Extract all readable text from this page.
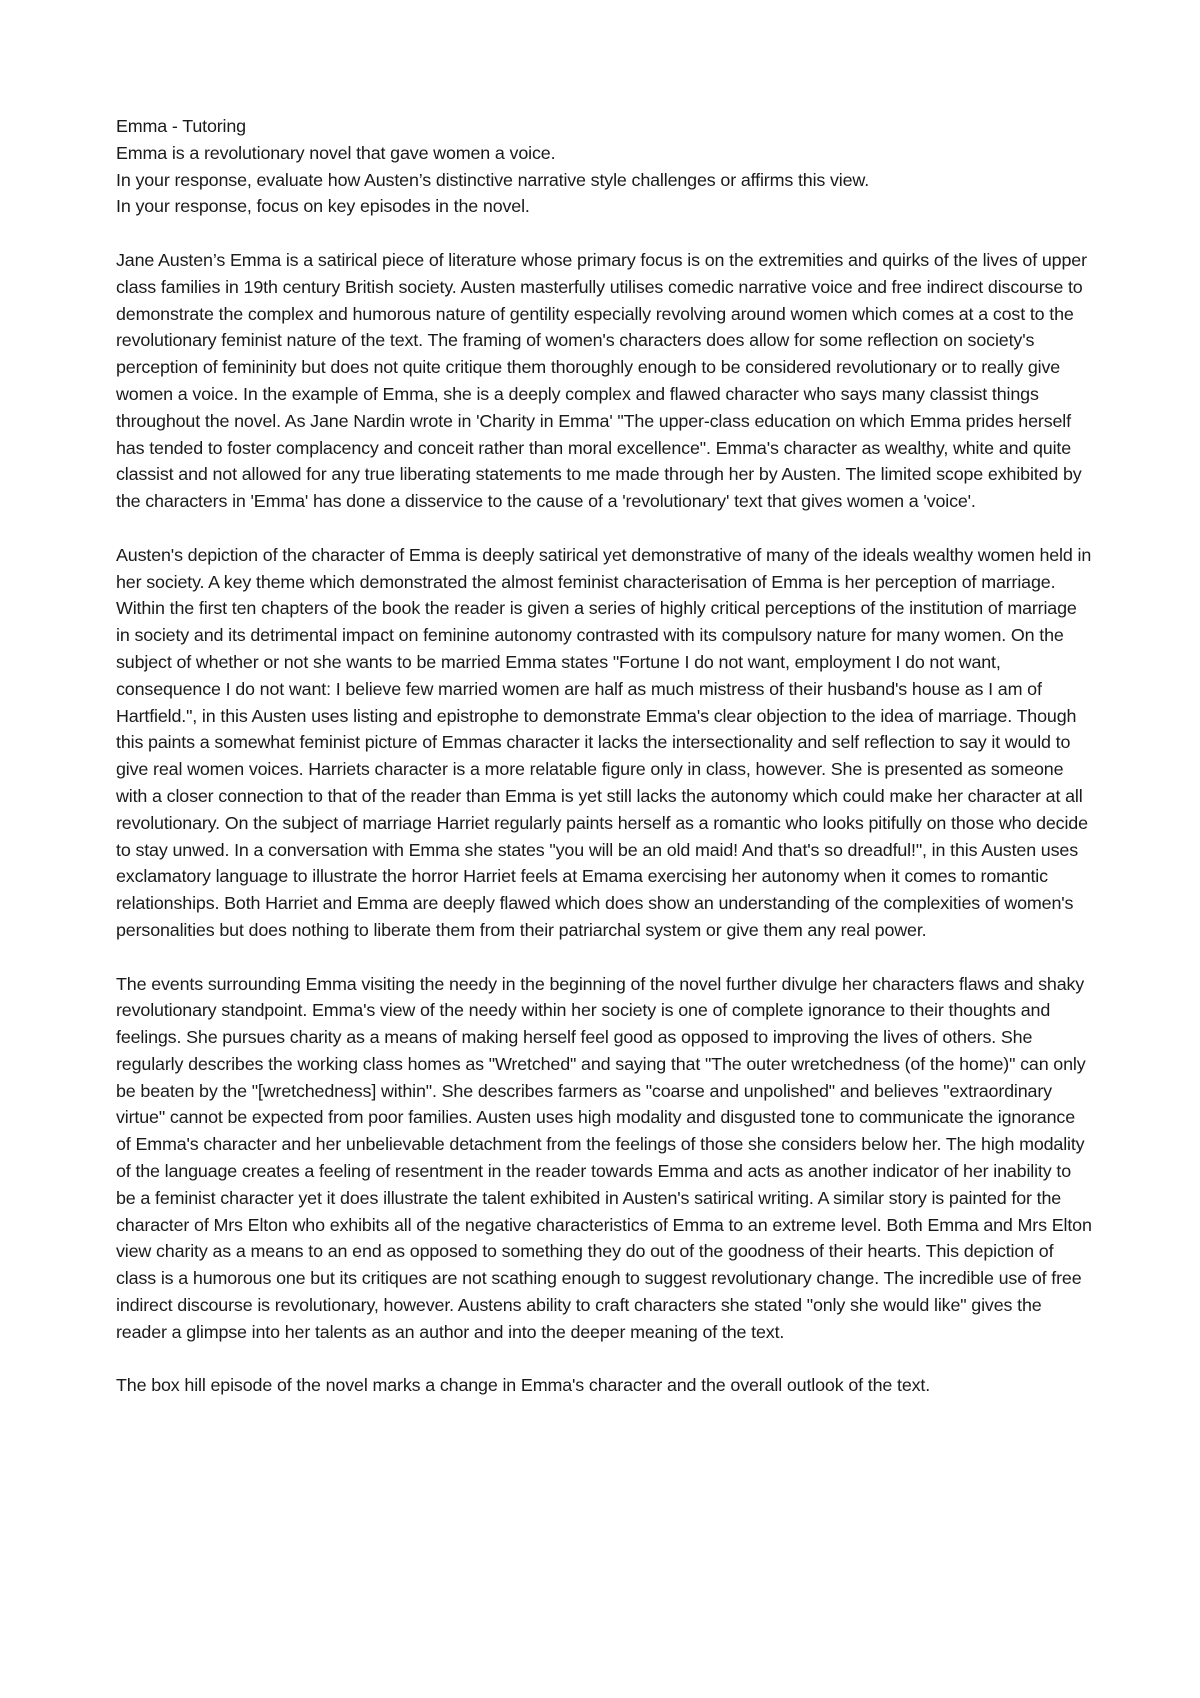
Emma - Tutoring

Emma is a revolutionary novel that gave women a voice.

In your response, evaluate how Austen’s distinctive narrative style challenges or affirms this view.

In your response, focus on key episodes in the novel.

Jane Austen’s Emma is a satirical piece of literature whose primary focus is on the extremities and quirks of the lives of upper class families in 19th century British society. Austen masterfully utilises comedic narrative voice and free indirect discourse to demonstrate the complex and humorous nature of gentility especially revolving around women which comes at a cost to the revolutionary feminist nature of the text. The framing of women's characters does allow for some reflection on society's perception of femininity but does not quite critique them thoroughly enough to be considered revolutionary or to really give women a voice. In the example of Emma, she is a deeply complex and flawed character who says many classist things throughout the novel. As Jane Nardin wrote in 'Charity in Emma' "The upper-class education on which Emma prides herself has tended to foster complacency and conceit rather than moral excellence". Emma's character as wealthy, white and quite classist and not allowed for any true liberating statements to me made through her by Austen. The limited scope exhibited by the characters in 'Emma' has done a disservice to the cause of a 'revolutionary' text that gives women a 'voice'.

Austen's depiction of the character of Emma is deeply satirical yet demonstrative of many of the ideals wealthy women held in her society. A key theme which demonstrated the almost feminist characterisation of Emma is her perception of marriage. Within the first ten chapters of the book the reader is given a series of highly critical perceptions of the institution of marriage in society and its detrimental impact on feminine autonomy contrasted with its compulsory nature for many women. On the subject of whether or not she wants to be married Emma states "Fortune I do not want, employment I do not want, consequence I do not want: I believe few married women are half as much mistress of their husband's house as I am of Hartfield.", in this Austen uses listing and epistrophe to demonstrate Emma's clear objection to the idea of marriage. Though this paints a somewhat feminist picture of Emmas character it lacks the intersectionality and self reflection to say it would to give real women voices. Harriets character is a more relatable figure only in class, however. She is presented as someone with a closer connection to that of the reader than Emma is yet still lacks the autonomy which could make her character at all revolutionary. On the subject of marriage Harriet regularly paints herself as a romantic who looks pitifully on those who decide to stay unwed. In a conversation with Emma she states "you will be an old maid! And that's so dreadful!", in this Austen uses exclamatory language to illustrate the horror Harriet feels at Emama exercising her autonomy when it comes to romantic relationships. Both Harriet and Emma are deeply flawed which does show an understanding of the complexities of women's personalities but does nothing to liberate them from their patriarchal system or give them any real power.

The events surrounding Emma visiting the needy in the beginning of the novel further divulge her characters flaws and shaky revolutionary standpoint. Emma's view of the needy within her society is one of complete ignorance to their thoughts and feelings. She pursues charity as a means of making herself feel good as opposed to improving the lives of others. She regularly describes the working class homes as "Wretched" and saying that "The outer wretchedness (of the home)" can only be beaten by the "[wretchedness] within". She describes farmers as "coarse and unpolished" and believes "extraordinary virtue" cannot be expected from poor families. Austen uses high modality and disgusted tone to communicate the ignorance of Emma's character and her unbelievable detachment from the feelings of those she considers below her. The high modality of the language creates a feeling of resentment in the reader towards Emma and acts as another indicator of her inability to be a feminist character yet it does illustrate the talent exhibited in Austen's satirical writing. A similar story is painted for the character of Mrs Elton who exhibits all of the negative characteristics of Emma to an extreme level. Both Emma and Mrs Elton view charity as a means to an end as opposed to something they do out of the goodness of their hearts. This depiction of class is a humorous one but its critiques are not scathing enough to suggest revolutionary change. The incredible use of free indirect discourse is revolutionary, however. Austens ability to craft characters she stated "only she would like" gives the reader a glimpse into her talents as an author and into the deeper meaning of the text.

The box hill episode of the novel marks a change in Emma's character and the overall outlook of the text.
